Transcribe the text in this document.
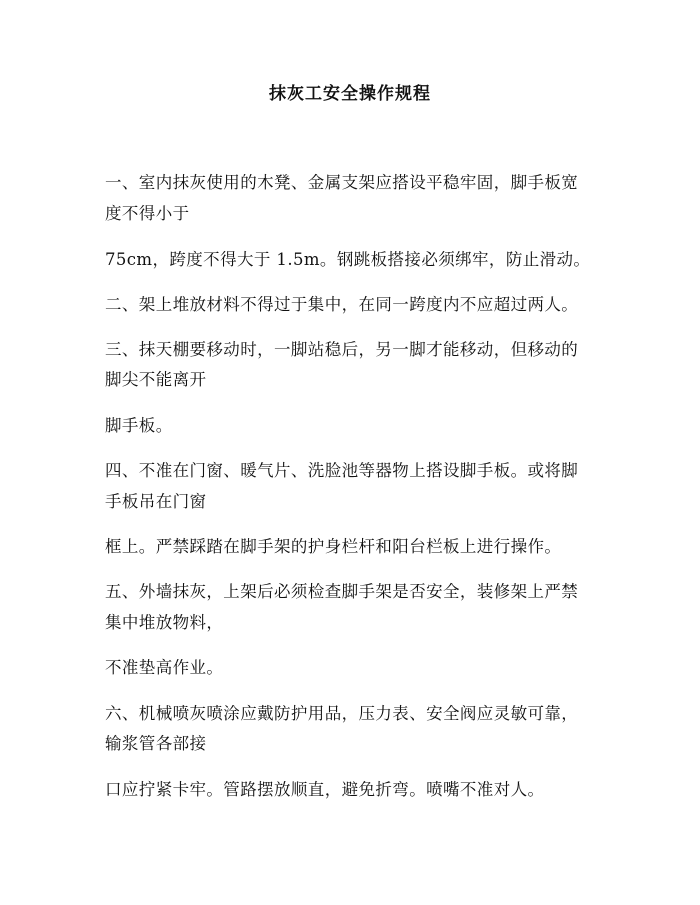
抹灰工安全操作规程
一、室内抹灰使用的木凳、金属支架应搭设平稳牢固，脚手板宽
度不得小于
75cm，跨度不得大于 1.5m。钢跳板搭接必须绑牢，防止滑动。
二、架上堆放材料不得过于集中，在同一跨度内不应超过两人。
三、抹天棚要移动时，一脚站稳后，另一脚才能移动，但移动的
脚尖不能离开
脚手板。
四、不准在门窗、暖气片、洗脸池等器物上搭设脚手板。或将脚
手板吊在门窗
框上。严禁踩踏在脚手架的护身栏杆和阳台栏板上进行操作。
五、外墙抹灰，上架后必须检查脚手架是否安全，装修架上严禁
集中堆放物料，
不准垫高作业。
六、机械喷灰喷涂应戴防护用品，压力表、安全阀应灵敏可靠，
输浆管各部接
口应拧紧卡牢。管路摆放顺直，避免折弯。喷嘴不准对人。
